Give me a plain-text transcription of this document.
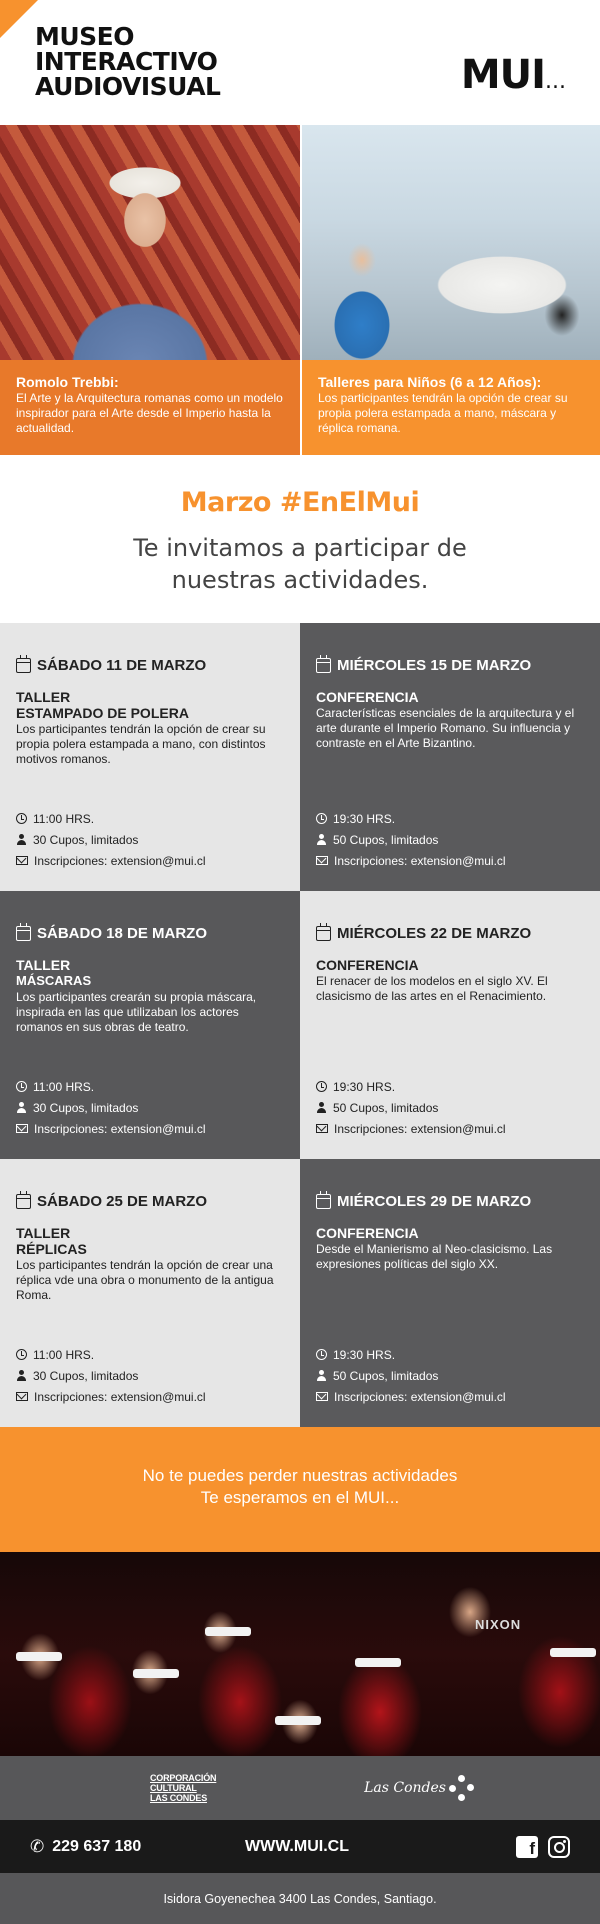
MUSEO
INTERACTIVO
AUDIOVISUAL	MUI...
Romolo Trebbi:

El Arte y la Arquitectura romanas como un modelo inspirador para el Arte desde el Imperio hasta la actualidad.

Talleres para Niños (6 a 12 Años):

Los participantes tendrán la opción de crear su propia polera estampada a mano, máscara y réplica romana.

Marzo #EnElMui

Te invitamos a participar de

nuestras actividades.

SÁBADO 11 DE MARZO
TALLER
ESTAMPADO DE POLERA
Los participantes tendrán la opción de crear su propia polera estampada a mano, con distintos motivos romanos.
11:00 HRS.
30 Cupos, limitados
Inscripciones: extension@mui.cl
MIÉRCOLES 15 DE MARZO
CONFERENCIA
Características esenciales de la arquitectura y el arte durante el Imperio Romano. Su influencia y contraste en el Arte Bizantino.
19:30 HRS.
50 Cupos, limitados
Inscripciones: extension@mui.cl
SÁBADO 18 DE MARZO
TALLER
MÁSCARAS
Los participantes crearán su propia máscara, inspirada en las que utilizaban los actores romanos en sus obras de teatro.
11:00 HRS.
30 Cupos, limitados
Inscripciones: extension@mui.cl
MIÉRCOLES 22 DE MARZO
CONFERENCIA
El renacer de los modelos en el siglo XV. El clasicismo de las artes en el Renacimiento.
19:30 HRS.
50 Cupos, limitados
Inscripciones: extension@mui.cl
SÁBADO 25 DE MARZO
TALLER
RÉPLICAS
Los participantes tendrán la opción de crear una réplica vde una obra o monumento de la antigua Roma.
11:00 HRS.
30 Cupos, limitados
Inscripciones: extension@mui.cl
MIÉRCOLES 29 DE MARZO
CONFERENCIA
Desde el Manierismo al Neo-clasicismo. Las expresiones políticas del siglo XX.
19:30 HRS.
50 Cupos, limitados
Inscripciones: extension@mui.cl
No te puedes perder nuestras actividades
Te esperamos en el MUI...
NIXON
CORPORACIÓN
CULTURAL
LAS CONDES
Las Condes
✆ 229 637 180	WWW.MUI.CL	f
Isidora Goyenechea 3400 Las Condes, Santiago.
